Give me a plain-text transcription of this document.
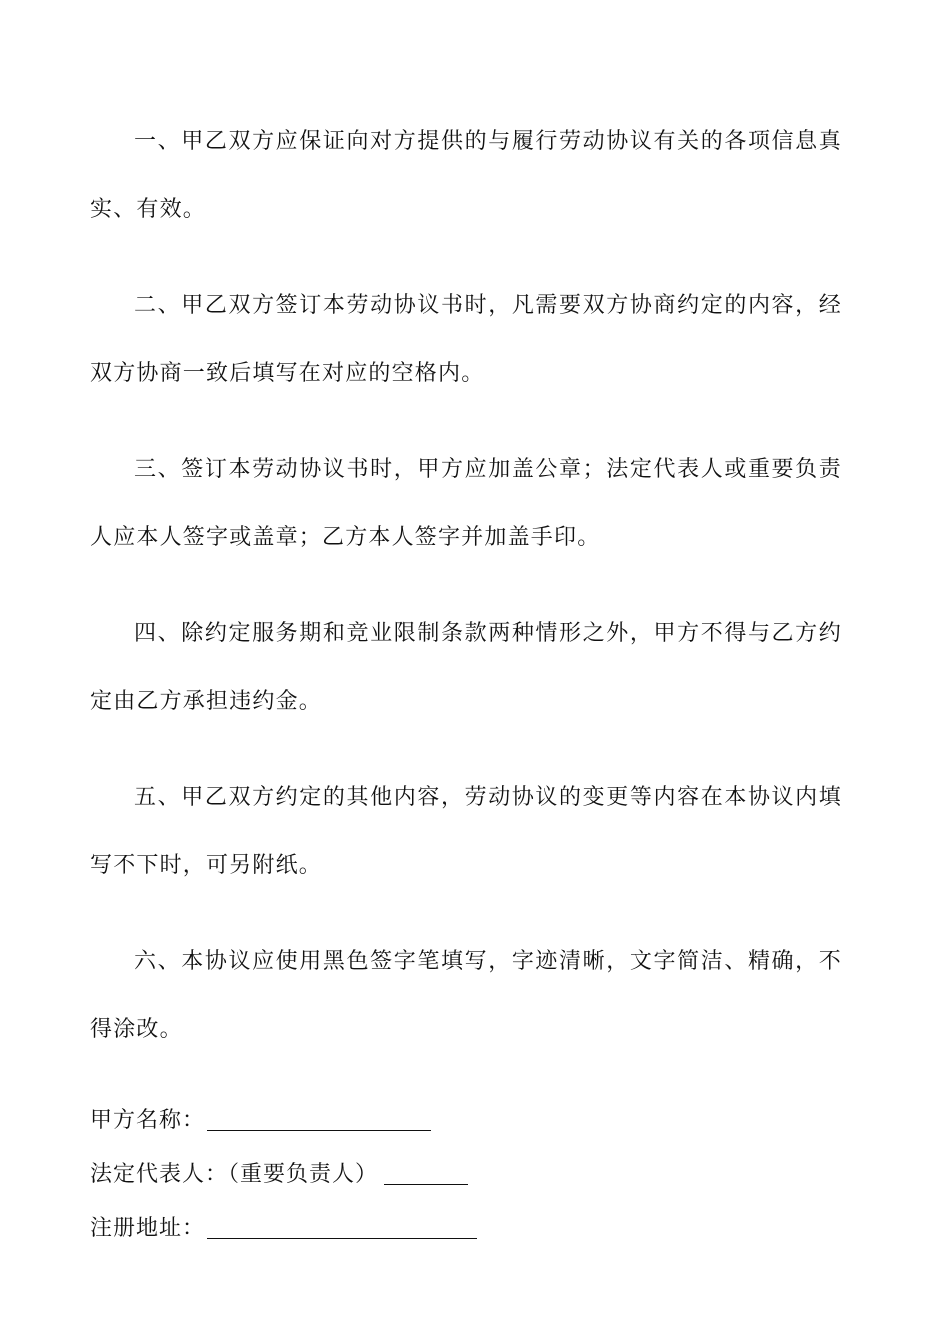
一、甲乙双方应保证向对方提供的与履行劳动协议有关的各项信息真实、有效。

二、甲乙双方签订本劳动协议书时，凡需要双方协商约定的内容，经双方协商一致后填写在对应的空格内。

三、签订本劳动协议书时，甲方应加盖公章；法定代表人或重要负责人应本人签字或盖章；乙方本人签字并加盖手印。

四、除约定服务期和竞业限制条款两种情形之外，甲方不得与乙方约定由乙方承担违约金。

五、甲乙双方约定的其他内容，劳动协议的变更等内容在本协议内填写不下时，可另附纸。

六、本协议应使用黑色签字笔填写，字迹清晰，文字简洁、精确，不得涂改。

甲方名称：
法定代表人：（重要负责人）
注册地址：
